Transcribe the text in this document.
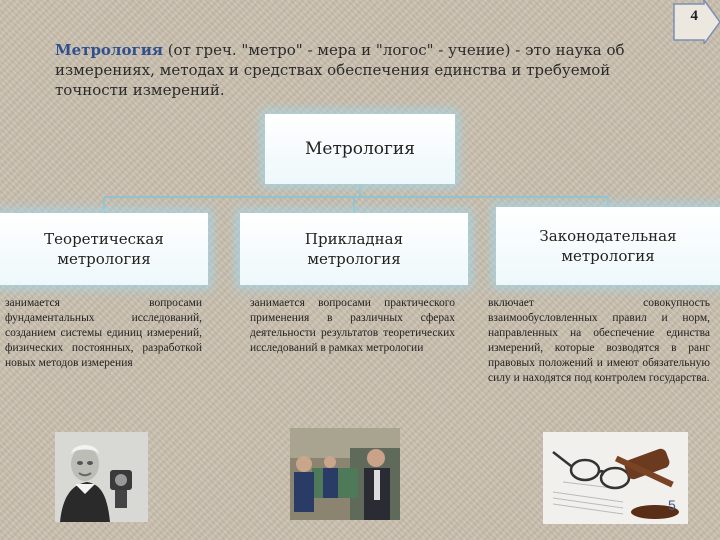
4
Метрология (от греч. "метро" - мера и "логос" - учение) - это наука об измерениях, методах и средствах обеспечения единства и требуемой точности измерений.
Метрология
Теоретическая метрология
Прикладная метрология
Законодательная метрология
занимается вопросами фундаментальных исследований, созданием системы единиц измерений, физических постоянных, разработкой новых методов измерения
занимается вопросами практического применения в различных сферах деятельности результатов теоретических исследований в рамках метрологии
включает совокупность взаимообусловленных правил и норм, направленных на обеспечение единства измерений, которые возводятся в ранг правовых положений и имеют обязательную силу и находятся под контролем государства.
5
